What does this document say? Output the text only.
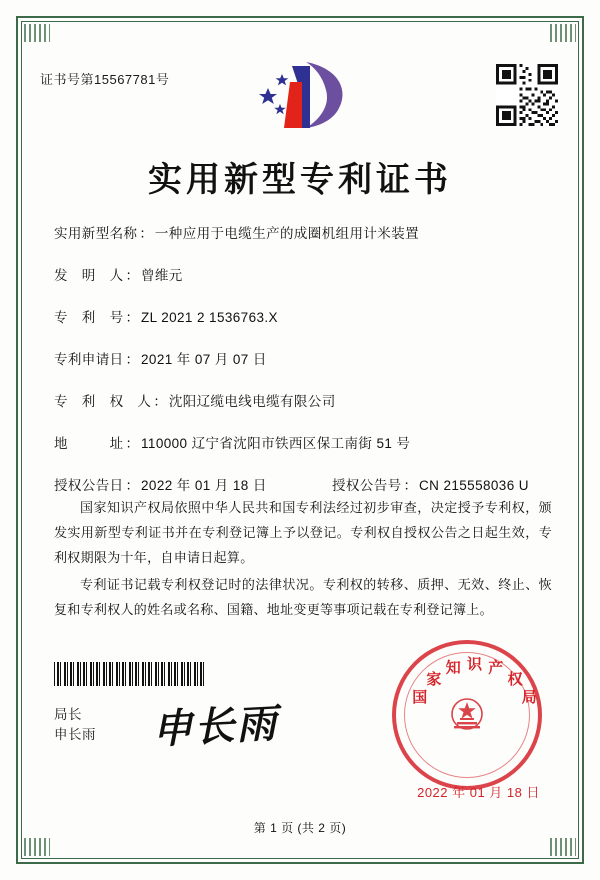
证书号第15567781号
实用新型专利证书
实用新型名称 ： 一种应用于电缆生产的成圈机组用计米装置
发　明　人 ： 曾维元
专　利　号 ： ZL 2021 2 1536763.X
专利申请日 ： 2021 年 07 月 07 日
专　利　权　人 ： 沈阳辽缆电线电缆有限公司
地　　　址 ： 110000 辽宁省沈阳市铁西区保工南街 51 号
授权公告日 ： 2022 年 01 月 18 日	授权公告号 ： CN 215558036 U
国家知识产权局依照中华人民共和国专利法经过初步审查，决定授予专利权，颁发实用新型专利证书并在专利登记簿上予以登记。专利权自授权公告之日起生效，专利权期限为十年，自申请日起算。
专利证书记载专利权登记时的法律状况。专利权的转移、质押、无效、终止、恢复和专利权人的姓名或名称、国籍、地址变更等事项记载在专利登记簿上。
局长
申长雨 申长雨
国
家
知 识 产
权
局
2022 年 01 月 18 日
第 1 页 (共 2 页)
